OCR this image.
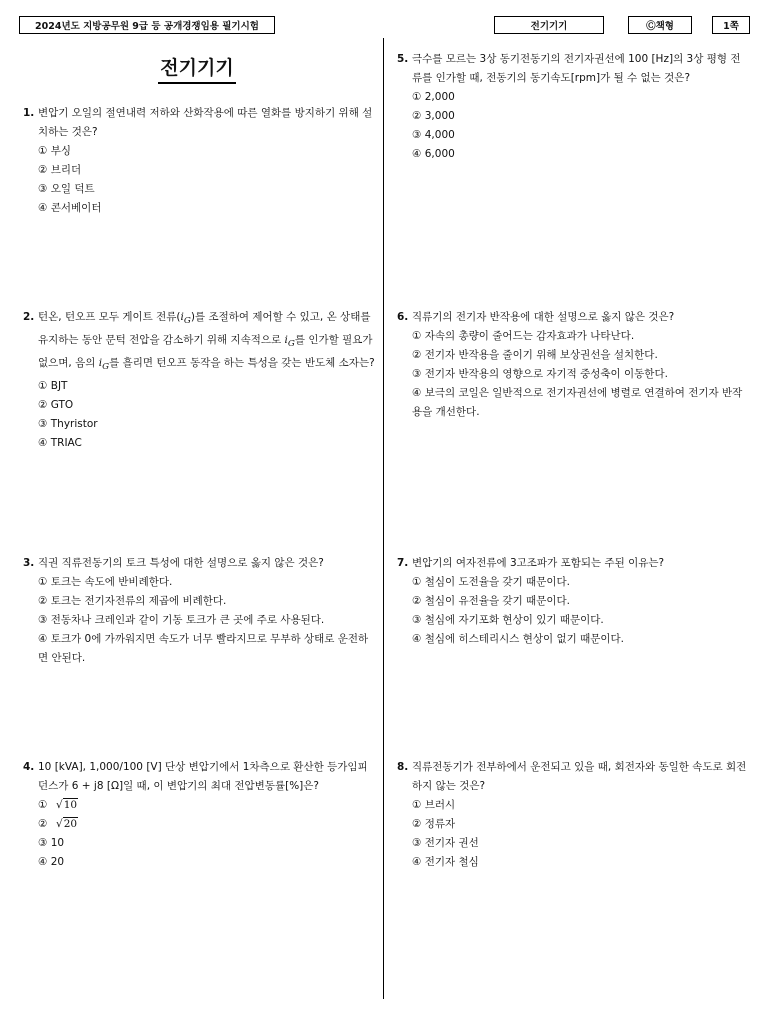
2024년도 지방공무원 9급 등 공개경쟁임용 필기시험	전기기기	Ⓒ 책형	1쪽
전기기기
1. 변압기 오일의 절연내력 저하와 산화작용에 따른 열화를 방지하기 위해 설치하는 것은?
① 부싱
② 브리더
③ 오일 덕트
④ 콘서베이터
2. 턴온, 턴오프 모두 게이트 전류$(i_G)$를 조절하여 제어할 수 있고, 온 상태를 유지하는 동안 문턱 전압을 감소하기 위해 지속적으로 $i_G$를 인가할 필요가 없으며, 음의 $i_G$를 흘리면 턴오프 동작을 하는 특성을 갖는 반도체 소자는?
① BJT
② GTO
③ Thyristor
④ TRIAC
3. 직권 직류전동기의 토크 특성에 대한 설명으로 옳지 않은 것은?
① 토크는 속도에 반비례한다.
② 토크는 전기자전류의 제곱에 비례한다.
③ 전동차나 크레인과 같이 기동 토크가 큰 곳에 주로 사용된다.
④ 토크가 0에 가까워지면 속도가 너무 빨라지므로 무부하 상태로 운전하면 안된다.
4. 10 [kVA], 1,000/100 [V] 단상 변압기에서 1차측으로 환산한 등가임피던스가 6 + j8 [Ω]일 때, 이 변압기의 최대 전압변동률[%]은?
① √10
② √20
③ 10
④ 20
5. 극수를 모르는 3상 동기전동기의 전기자권선에 100 [Hz]의 3상 평형 전류를 인가할 때, 전동기의 동기속도[rpm]가 될 수 없는 것은?
① 2,000
② 3,000
③ 4,000
④ 6,000
6. 직류기의 전기자 반작용에 대한 설명으로 옳지 않은 것은?
① 자속의 총량이 줄어드는 감자효과가 나타난다.
② 전기자 반작용을 줄이기 위해 보상권선을 설치한다.
③ 전기자 반작용의 영향으로 자기적 중성축이 이동한다.
④ 보극의 코일은 일반적으로 전기자권선에 병렬로 연결하여 전기자 반작용을 개선한다.
7. 변압기의 여자전류에 3고조파가 포함되는 주된 이유는?
① 철심이 도전율을 갖기 때문이다.
② 철심이 유전율을 갖기 때문이다.
③ 철심에 자기포화 현상이 있기 때문이다.
④ 철심에 히스테리시스 현상이 없기 때문이다.
8. 직류전동기가 전부하에서 운전되고 있을 때, 회전자와 동일한 속도로 회전하지 않는 것은?
① 브러시
② 정류자
③ 전기자 권선
④ 전기자 철심
